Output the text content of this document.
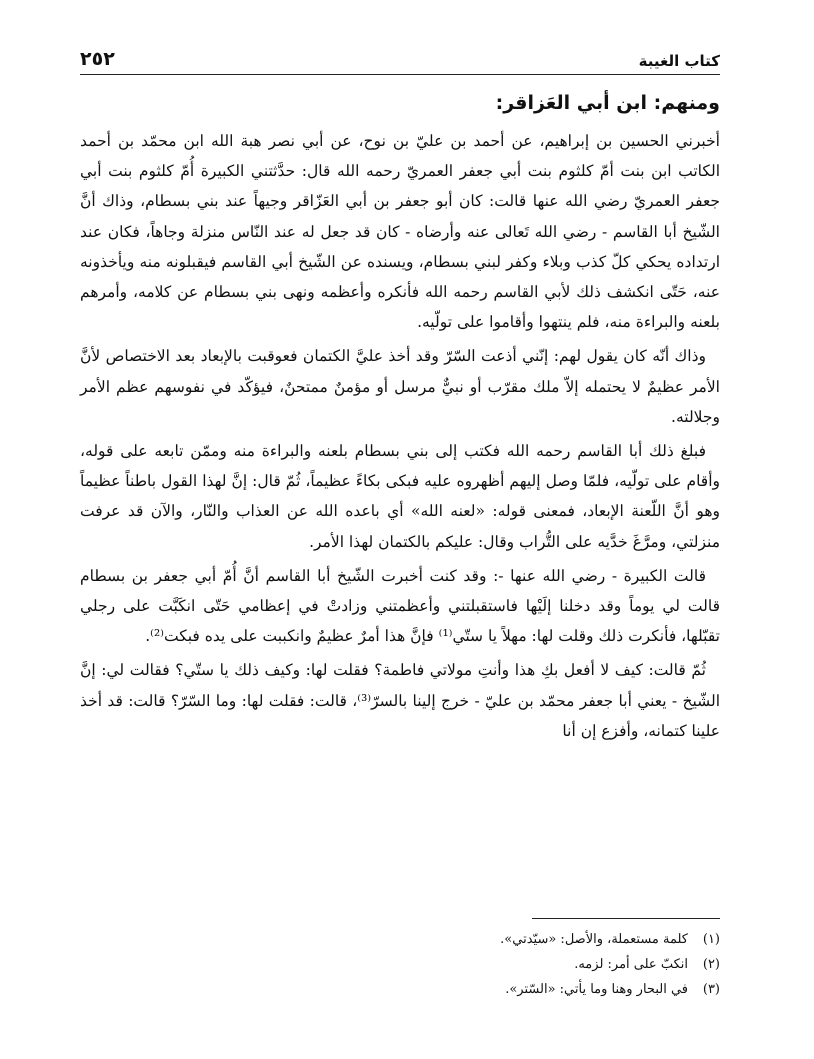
كتاب الغيبة
٢٥٢
ومنهم: ابن أبي العَزاقر:

أخبرني الحسين بن إبراهيم، عن أحمد بن عليّ بن نوح، عن أبي نصر هبة الله ابن محمّد بن أحمد الكاتب ابن بنت أمّ كلثوم بنت أبي جعفر العمريّ رحمه الله قال: حدَّثتني الكبيرة أُمّ كلثوم بنت أبي جعفر العمريّ رضي الله عنها قالت: كان أبو جعفر بن أبي العَزّاقر وجيهاً عند بني بسطام، وذاك أنَّ الشّيخ أبا القاسم - رضي الله تَعالى عنه وأرضاه - كان قد جعل له عند النّاس منزلة وجاهاً، فكان عند ارتداده يحكي كلّ كذب وبلاء وكفر لبني بسطام، ويسنده عن الشّيخ أبي القاسم فيقبلونه منه ويأخذونه عنه، حَتّى انكشف ذلك لأبي القاسم رحمه الله فأنكره وأعظمه ونهى بني بسطام عن كلامه، وأمرهم بلعنه والبراءة منه، فلم ينتهوا وأقاموا على تولّيه.

وذاك أنّه كان يقول لهم: إنّني أذعت السّرّ وقد أخذ عليَّ الكتمان فعوقبت بالإبعاد بعد الاختصاص لأنَّ الأمر عظيمٌ لا يحتمله إلاّ ملك مقرّب أو نبيٌّ مرسل أو مؤمنٌ ممتحنٌ، فيؤكّد في نفوسهم عظم الأمر وجلالته.

فبلغ ذلك أبا القاسم رحمه الله فكتب إلى بني بسطام بلعنه والبراءة منه وممّن تابعه على قوله، وأقام على تولّيه، فلمّا وصل إليهم أظهروه عليه فبكى بكاءً عظيماً، ثُمّ قال: إنَّ لهذا القول باطناً عظيماً وهو أنَّ اللّعنة الإبعاد، فمعنى قوله: «لعنه الله» أي باعده الله عن العذاب والنّار، والآن قد عرفت منزلتي، ومرَّغَ خدَّيه على التُّراب وقال: عليكم بالكتمان لهذا الأمر.

قالت الكبيرة - رضي الله عنها -: وقد كنت أخبرت الشّيخ أبا القاسم أنَّ أُمّ أبي جعفر بن بسطام قالت لي يوماً وقد دخلنا إلَيْها فاستقبلتني وأعظمتني وزادتْ في إعظامي حَتّى انكَبَّت على رجلي تقبّلها، فأنكرت ذلك وقلت لها: مهلاً يا ستّي⁽¹⁾ فإنَّ هذا أمرٌ عظيمٌ وانكببت على يده فبكت⁽²⁾.

ثُمّ قالت: كيف لا أفعل بكِ هذا وأنتِ مولاتي فاطمة؟ فقلت لها: وكيف ذلك يا ستّي؟ فقالت لي: إنَّ الشّيخ - يعني أبا جعفر محمّد بن عليّ - خرج إلينا بالسرّ⁽³⁾، قالت: فقلت لها: وما السّرّ؟ قالت: قد أخذ علينا كتمانه، وأفزع إن أنا

(١)
كلمة مستعملة، والأصل: «سيّدتي».
(٢)
انكبّ على أمر: لزمه.
(٣)
في البحار وهنا وما يأتي: «السّتر».
